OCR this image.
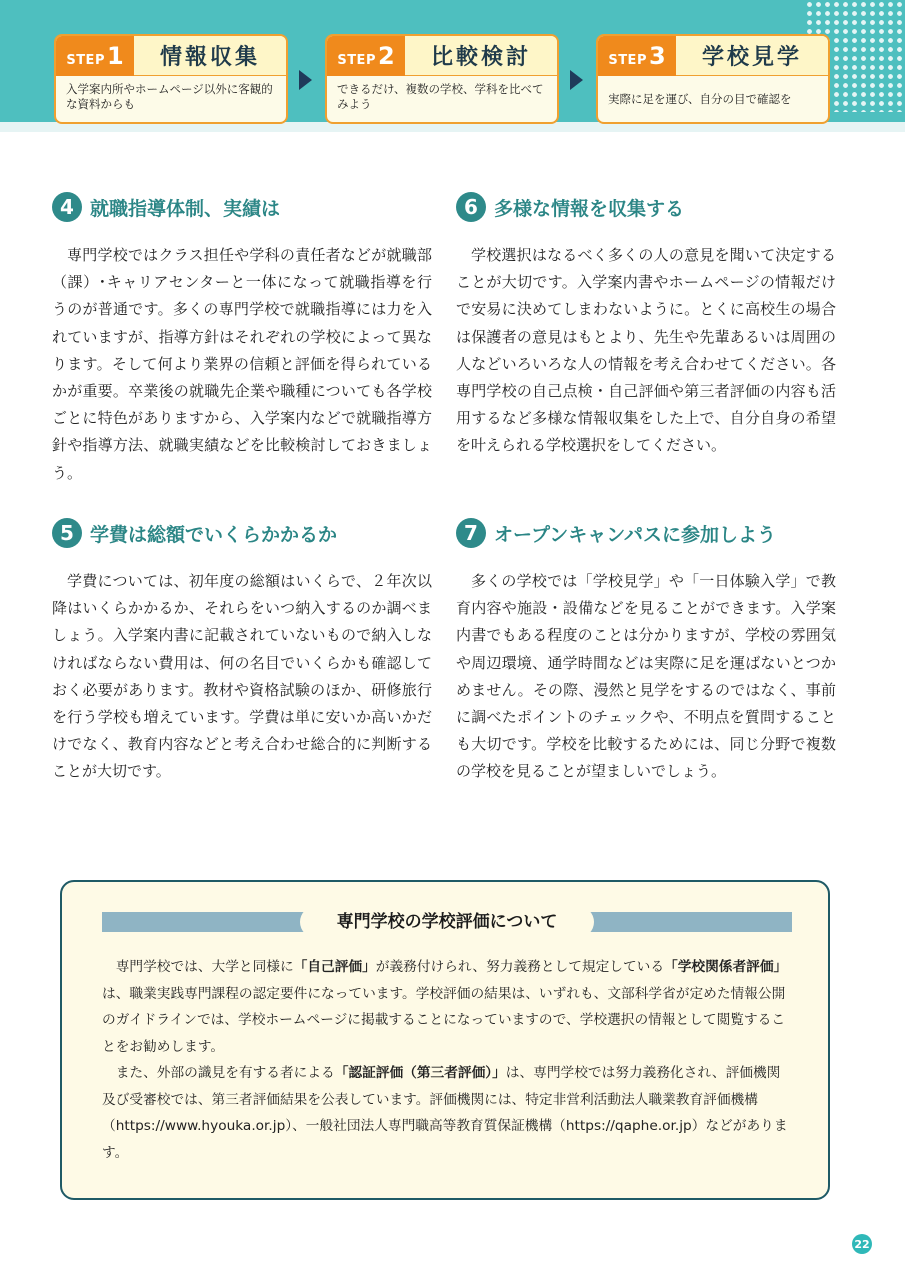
STEP 1	情報収集
入学案内所やホームページ以外に客観的な資料からも
STEP 2	比較検討
できるだけ、複数の学校、学科を比べてみよう
STEP 3	学校見学
実際に足を運び、自分の目で確認を
4 就職指導体制、実績は

専門学校ではクラス担任や学科の責任者などが就職部（課）･キャリアセンターと一体になって就職指導を行うのが普通です。多くの専門学校で就職指導には力を入れていますが、指導方針はそれぞれの学校によって異なります。そして何より業界の信頼と評価を得られているかが重要。卒業後の就職先企業や職種についても各学校ごとに特色がありますから、入学案内などで就職指導方針や指導方法、就職実績などを比較検討しておきましょう。

5 学費は総額でいくらかかるか

学費については、初年度の総額はいくらで、２年次以降はいくらかかるか、それらをいつ納入するのか調べましょう。入学案内書に記載されていないもので納入しなければならない費用は、何の名目でいくらかも確認しておく必要があります。教材や資格試験のほか、研修旅行を行う学校も増えています。学費は単に安いか高いかだけでなく、教育内容などと考え合わせ総合的に判断することが大切です。

6 多様な情報を収集する

学校選択はなるべく多くの人の意見を聞いて決定することが大切です。入学案内書やホームページの情報だけで安易に決めてしまわないように。とくに高校生の場合は保護者の意見はもとより、先生や先輩あるいは周囲の人などいろいろな人の情報を考え合わせてください。各専門学校の自己点検・自己評価や第三者評価の内容も活用するなど多様な情報収集をした上で、自分自身の希望を叶えられる学校選択をしてください。

7 オープンキャンパスに参加しよう

多くの学校では「学校見学」や「一日体験入学」で教育内容や施設・設備などを見ることができます。入学案内書でもある程度のことは分かりますが、学校の雰囲気や周辺環境、通学時間などは実際に足を運ばないとつかめません。その際、漫然と見学をするのではなく、事前に調べたポイントのチェックや、不明点を質問することも大切です。学校を比較するためには、同じ分野で複数の学校を見ることが望ましいでしょう。

専門学校の学校評価について

専門学校では、大学と同様に「自己評価」が義務付けられ、努力義務として規定している「学校関係者評価」は、職業実践専門課程の認定要件になっています。学校評価の結果は、いずれも、文部科学省が定めた情報公開のガイドラインでは、学校ホームページに掲載することになっていますので、学校選択の情報として閲覧することをお勧めします。

また、外部の識見を有する者による「認証評価（第三者評価）」は、専門学校では努力義務化され、評価機関及び受審校では、第三者評価結果を公表しています。評価機関には、特定非営利活動法人職業教育評価機構（https://www.hyouka.or.jp）、一般社団法人専門職高等教育質保証機構（https://qaphe.or.jp）などがあります。

22
